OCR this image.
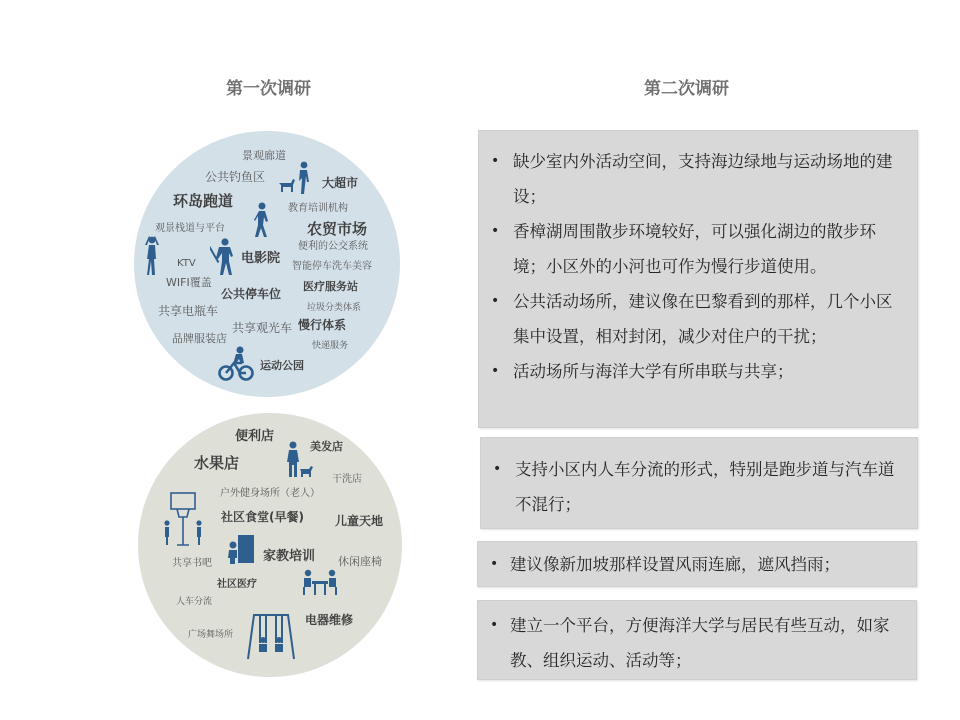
第一次调研	第二次调研
景观廊道
公共钓鱼区	大超市
环岛跑道	教育培训机构
观景栈道与平台	农贸市场
便利的公交系统
KTV	电影院
智能停车洗车美容
WIFI覆盖
公共停车位
医疗服务站
垃圾分类体系
共享电瓶车
共享观光车 慢行体系
品牌服装店
快递服务
运动公园
便利店
美发店
水果店
干洗店
户外健身场所（老人）
社区食堂(早餐)	儿童天地
家教培训
共享书吧	休闲座椅
社区医疗
人车分流
电器维修
广场舞场所
• 缺少室内外活动空间，支持海边绿地与运动场地的建设；
• 香樟湖周围散步环境较好，可以强化湖边的散步环境；小区外的小河也可作为慢行步道使用。
• 公共活动场所，建议像在巴黎看到的那样，几个小区集中设置，相对封闭，减少对住户的干扰；
• 活动场所与海洋大学有所串联与共享；
• 支持小区内人车分流的形式，特别是跑步道与汽车道不混行；
• 建议像新加坡那样设置风雨连廊，遮风挡雨；
• 建立一个平台，方便海洋大学与居民有些互动，如家教、组织运动、活动等；
